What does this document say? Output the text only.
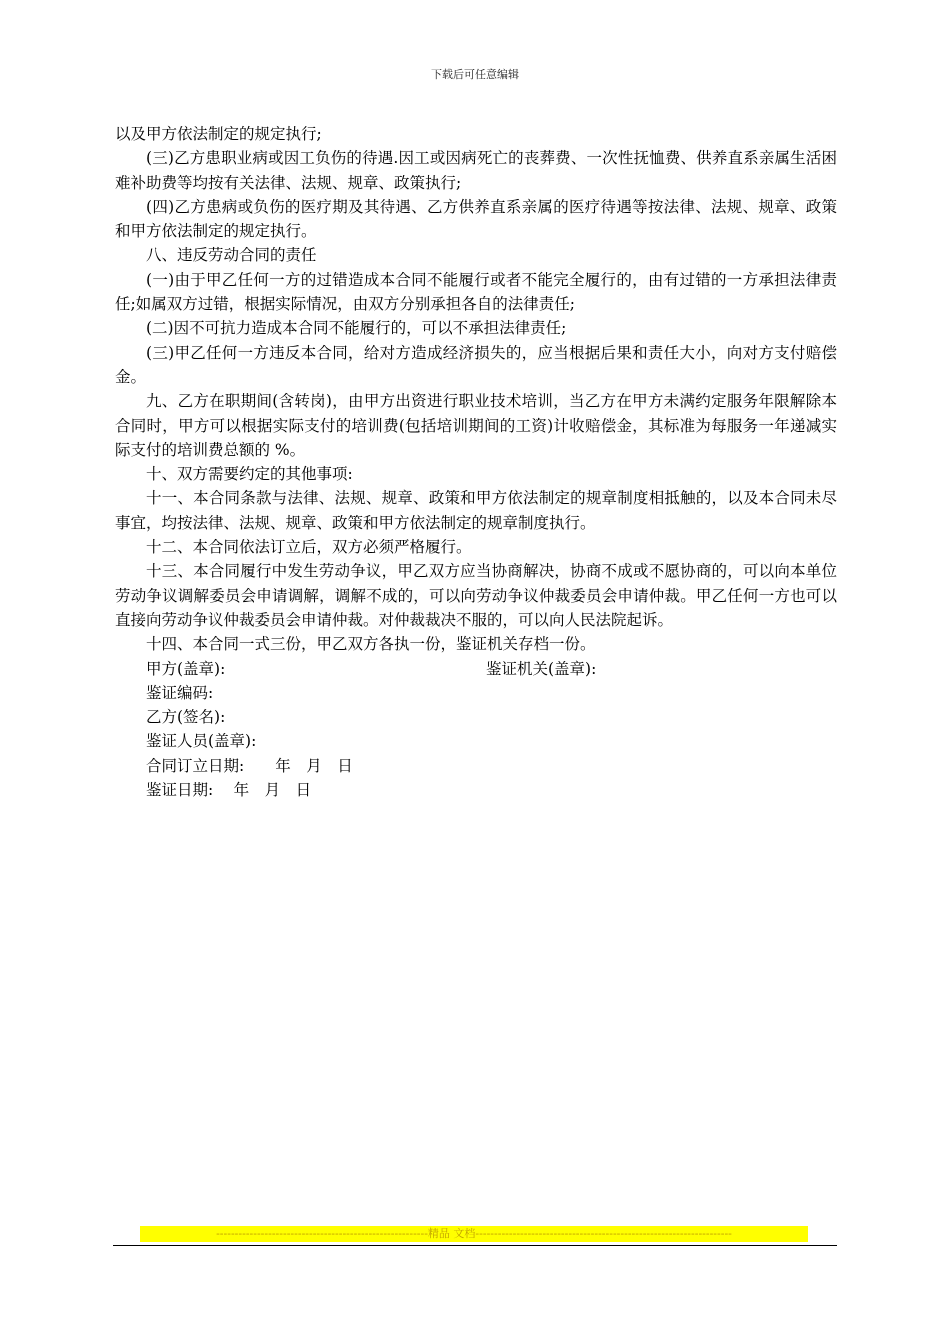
下载后可任意编辑

以及甲方依法制定的规定执行;

(三)乙方患职业病或因工负伤的待遇.因工或因病死亡的丧葬费、一次性抚恤费、供养直系亲属生活困难补助费等均按有关法律、法规、规章、政策执行;

(四)乙方患病或负伤的医疗期及其待遇、乙方供养直系亲属的医疗待遇等按法律、法规、规章、政策和甲方依法制定的规定执行。

八、违反劳动合同的责任

(一)由于甲乙任何一方的过错造成本合同不能履行或者不能完全履行的，由有过错的一方承担法律责任;如属双方过错，根据实际情况，由双方分别承担各自的法律责任;

(二)因不可抗力造成本合同不能履行的，可以不承担法律责任;

(三)甲乙任何一方违反本合同，给对方造成经济损失的，应当根据后果和责任大小，向对方支付赔偿金。

九、乙方在职期间(含转岗)，由甲方出资进行职业技术培训，当乙方在甲方未满约定服务年限解除本合同时，甲方可以根据实际支付的培训费(包括培训期间的工资)计收赔偿金，其标准为每服务一年递减实际支付的培训费总额的 %。

十、双方需要约定的其他事项:

十一、本合同条款与法律、法规、规章、政策和甲方依法制定的规章制度相抵触的，以及本合同未尽事宜，均按法律、法规、规章、政策和甲方依法制定的规章制度执行。

十二、本合同依法订立后，双方必须严格履行。

十三、本合同履行中发生劳动争议，甲乙双方应当协商解决，协商不成或不愿协商的，可以向本单位劳动争议调解委员会申请调解，调解不成的，可以向劳动争议仲裁委员会申请仲裁。甲乙任何一方也可以直接向劳动争议仲裁委员会申请仲裁。对仲裁裁决不服的，可以向人民法院起诉。

十四、本合同一式三份，甲乙双方各执一份，鉴证机关存档一份。

甲方(盖章):	鉴证机关(盖章):
鉴证编码:
乙方(签名):
鉴证人员(盖章):
合同订立日期:　　年　月　日
鉴证日期:　 年　月　日
---------------------------------------------------------精品 文档---------------------------------------------------------------------
